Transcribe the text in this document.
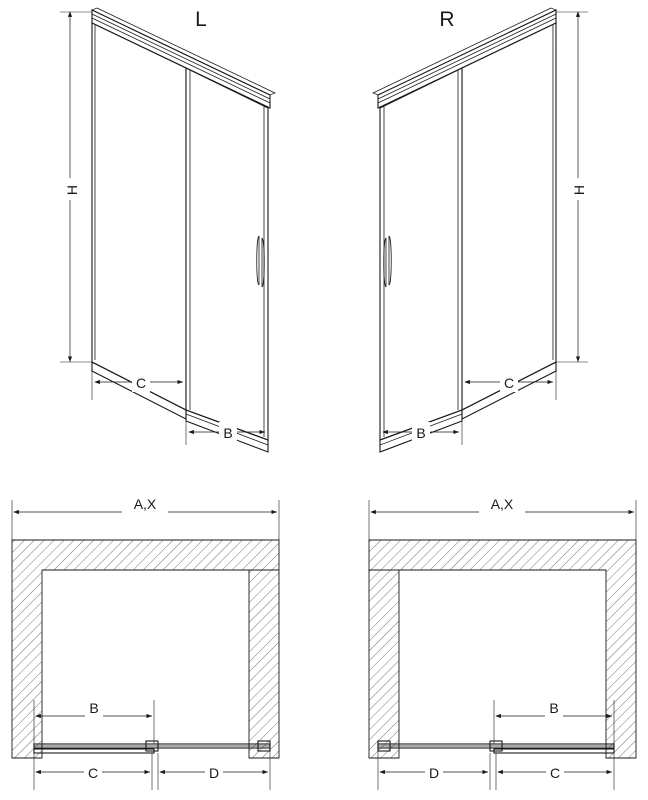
H
C
B
L
H
C
B
R
A,X
B
C	D
A,X
B
D	C
